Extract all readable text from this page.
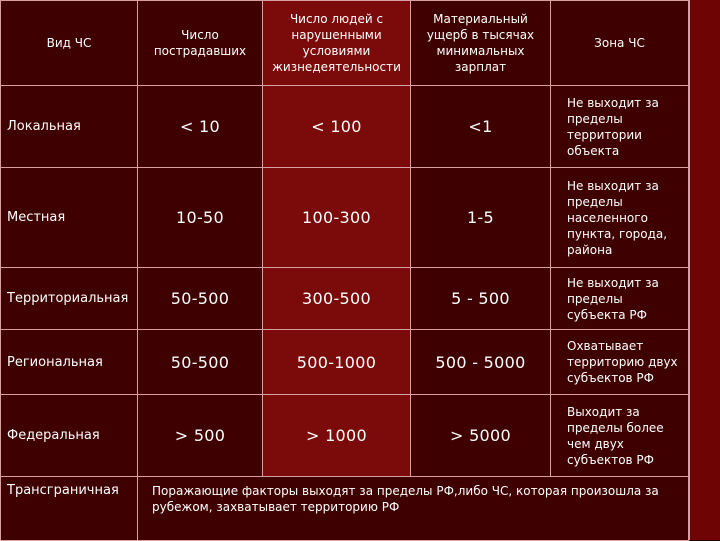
Вид ЧС	Число пострадавших	Число людей с нарушенными условиями жизнедеятельности	Материальный ущерб в тысячах минимальных зарплат	Зона ЧС
Локальная	< 10	< 100	<1	Не выходит за пределы территории объекта
Местная	10-50	100-300	1-5	Не выходит за пределы населенного пункта, города, района
Территориальная	50-500	300-500	5 - 500	Не выходит за пределы субъекта РФ
Региональная	50-500	500-1000	500 - 5000	Охватывает территорию двух субъектов РФ
Федеральная	> 500	> 1000	> 5000	Выходит за пределы более чем двух субъектов РФ
Трансграничная	Поражающие факторы выходят за пределы РФ,либо ЧС, которая произошла за рубежом, захватывает территорию РФ			
